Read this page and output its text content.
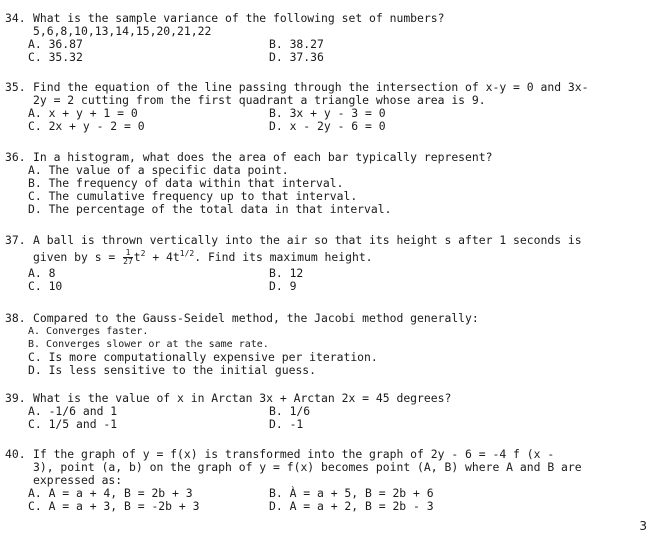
34. What is the sample variance of the following set of numbers?
5,6,8,10,13,14,15,20,21,22
A. 36.87	B. 38.27
C. 35.32	D. 37.36
35. Find the equation of the line passing through the intersection of x-y = 0 and 3x-
2y = 2 cutting from the first quadrant a triangle whose area is 9.
A. x + y + 1 = 0	B. 3x + y - 3 = 0
C. 2x + y - 2 = 0	D. x - 2y - 6 = 0
36. In a histogram, what does the area of each bar typically represent?
A. The value of a specific data point.
B. The frequency of data within that interval.
C. The cumulative frequency up to that interval.
D. The percentage of the total data in that interval.
37. A ball is thrown vertically into the air so that its height s after 1 seconds is
given by $s = \frac{1}{27} t^2 + 4t^{1/2}$. Find its maximum height.
A. 8	B. 12
C. 10	D. 9
38. Compared to the Gauss-Seidel method, the Jacobi method generally:
A. Converges faster.
B. Converges slower or at the same rate.
C. Is more computationally expensive per iteration.
D. Is less sensitive to the initial guess.
39. What is the value of x in Arctan 3x + Arctan 2x = 45 degrees?
A. -1/6 and 1	B. 1/6
C. 1/5 and -1	D. -1
40. If the graph of y = f(x) is transformed into the graph of 2y - 6 = -4 f (x -
3), point (a, b) on the graph of y = f(x) becomes point (A, B) where A and B are
expressed as:
A. A = a + 4, B = 2b + 3	B. À = a + 5, B = 2b + 6
C. A = a + 3, B = -2b + 3	D. A = a + 2, B = 2b - 3
3
